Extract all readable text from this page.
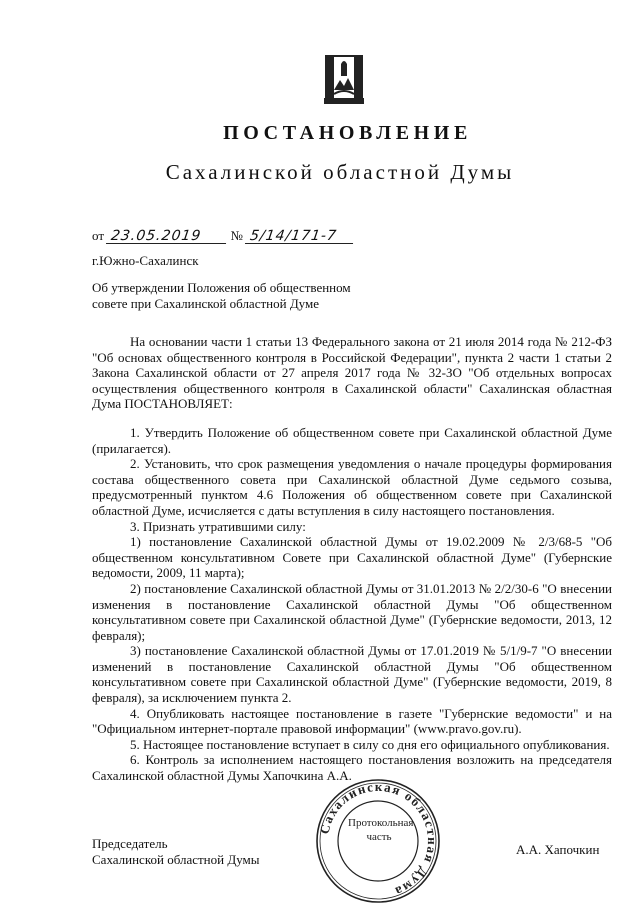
ПОСТАНОВЛЕНИЕ
Сахалинской областной Думы
от 23.05.2019 № 5/14/171-7
г.Южно-Сахалинск
Об утверждении Положения об общественном совете при Сахалинской областной Думе

На основании части 1 статьи 13 Федерального закона от 21 июля 2014 года № 212-ФЗ "Об основах общественного контроля в Российской Федерации", пункта 2 части 1 статьи 2 Закона Сахалинской области от 27 апреля 2017 года № 32-ЗО "Об отдельных вопросах осуществления общественного контроля в Сахалинской области" Сахалинская областная Дума ПОСТАНОВЛЯЕТ:

1. Утвердить Положение об общественном совете при Сахалинской областной Думе (прилагается).

2. Установить, что срок размещения уведомления о начале процедуры формирования состава общественного совета при Сахалинской областной Думе седьмого созыва, предусмотренный пунктом 4.6 Положения об общественном совете при Сахалинской областной Думе, исчисляется с даты вступления в силу настоящего постановления.

3. Признать утратившими силу:

1) постановление Сахалинской областной Думы от 19.02.2009 № 2/3/68-5 "Об общественном консультативном Совете при Сахалинской областной Думе" (Губернские ведомости, 2009, 11 марта);

2) постановление Сахалинской областной Думы от 31.01.2013 № 2/2/30-6 "О внесении изменения в постановление Сахалинской областной Думы "Об общественном консультативном совете при Сахалинской областной Думе" (Губернские ведомости, 2013, 12 февраля);

3) постановление Сахалинской областной Думы от 17.01.2019 № 5/1/9-7 "О внесении изменений в постановление Сахалинской областной Думы "Об общественном консультативном совете при Сахалинской областной Думе" (Губернские ведомости, 2019, 8 февраля), за исключением пункта 2.

4. Опубликовать настоящее постановление в газете "Губернские ведомости" и на "Официальном интернет-портале правовой информации" (www.pravo.gov.ru).

5. Настоящее постановление вступает в силу со дня его официального опубликования.

6. Контроль за исполнением настоящего постановления возложить на председателя Сахалинской областной Думы Хапочкина А.А.

Сахалинская областная Дума
Протокольная
часть
Председатель
Сахалинской областной Думы
А.А. Хапочкин
